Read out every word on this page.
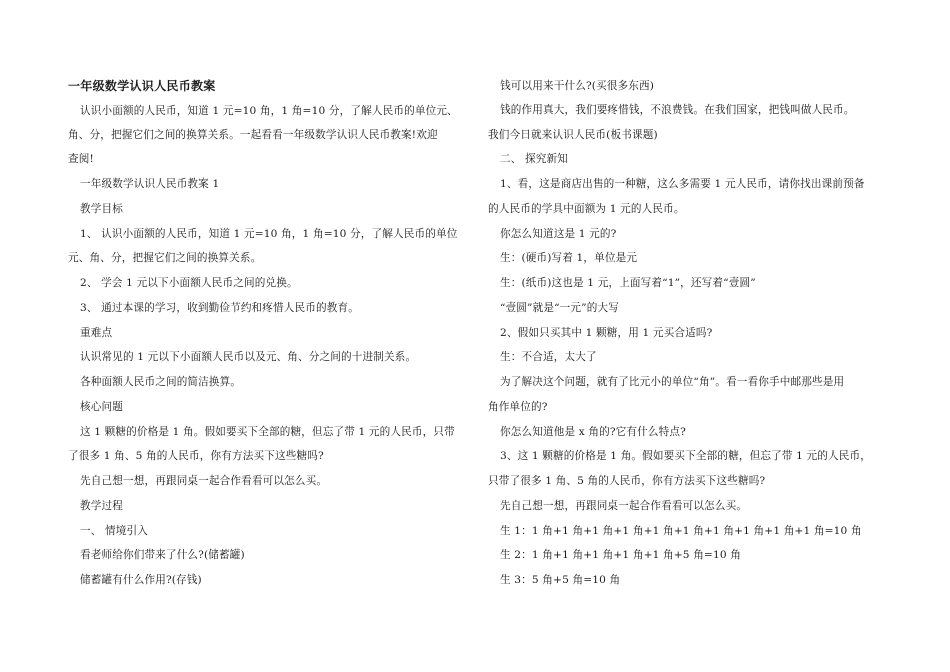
一年级数学认识人民币教案
认识小面额的人民币，知道 1 元=10 角，1 角=10 分，了解人民币的单位元、
角、分，把握它们之间的换算关系。一起看看一年级数学认识人民币教案!欢迎
查阅!
一年级数学认识人民币教案 1
教学目标
1、 认识小面额的人民币，知道 1 元=10 角，1 角=10 分，了解人民币的单位
元、角、分，把握它们之间的换算关系。
2、 学会 1 元以下小面额人民币之间的兑换。
3、 通过本课的学习，收到勤俭节约和疼惜人民币的教育。
重难点
认识常见的 1 元以下小面额人民币以及元、角、分之间的十进制关系。
各种面额人民币之间的简洁换算。
核心问题
这 1 颗糖的价格是 1 角。假如要买下全部的糖，但忘了带 1 元的人民币，只带
了很多 1 角、5 角的人民币，你有方法买下这些糖吗?
先自己想一想，再跟同桌一起合作看看可以怎么买。
教学过程
一、 情境引入
看老师给你们带来了什么?(储蓄罐)
储蓄罐有什么作用?(存钱)
钱可以用来干什么?(买很多东西)
钱的作用真大，我们要疼惜钱，不浪费钱。在我们国家，把钱叫做人民币。
我们今日就来认识人民币(板书课题)
二、 探究新知
1、看，这是商店出售的一种糖，这么多需要 1 元人民币，请你找出课前预备
的人民币的学具中面额为 1 元的人民币。
你怎么知道这是 1 元的?
生：(硬币)写着 1，单位是元
生：(纸币)这也是 1 元，上面写着“1”，还写着“壹圆”
“壹圆”就是“一元”的大写
2、假如只买其中 1 颗糖，用 1 元买合适吗?
生：不合适，太大了
为了解决这个问题，就有了比元小的单位“角”。看一看你手中邮那些是用
角作单位的?
你怎么知道他是 x 角的?它有什么特点?
3、这 1 颗糖的价格是 1 角。假如要买下全部的糖，但忘了带 1 元的人民币，
只带了很多 1 角、5 角的人民币，你有方法买下这些糖吗?
先自己想一想，再跟同桌一起合作看看可以怎么买。
生 1：1 角+1 角+1 角+1 角+1 角+1 角+1 角+1 角+1 角+1 角=10 角
生 2：1 角+1 角+1 角+1 角+1 角+5 角=10 角
生 3：5 角+5 角=10 角
